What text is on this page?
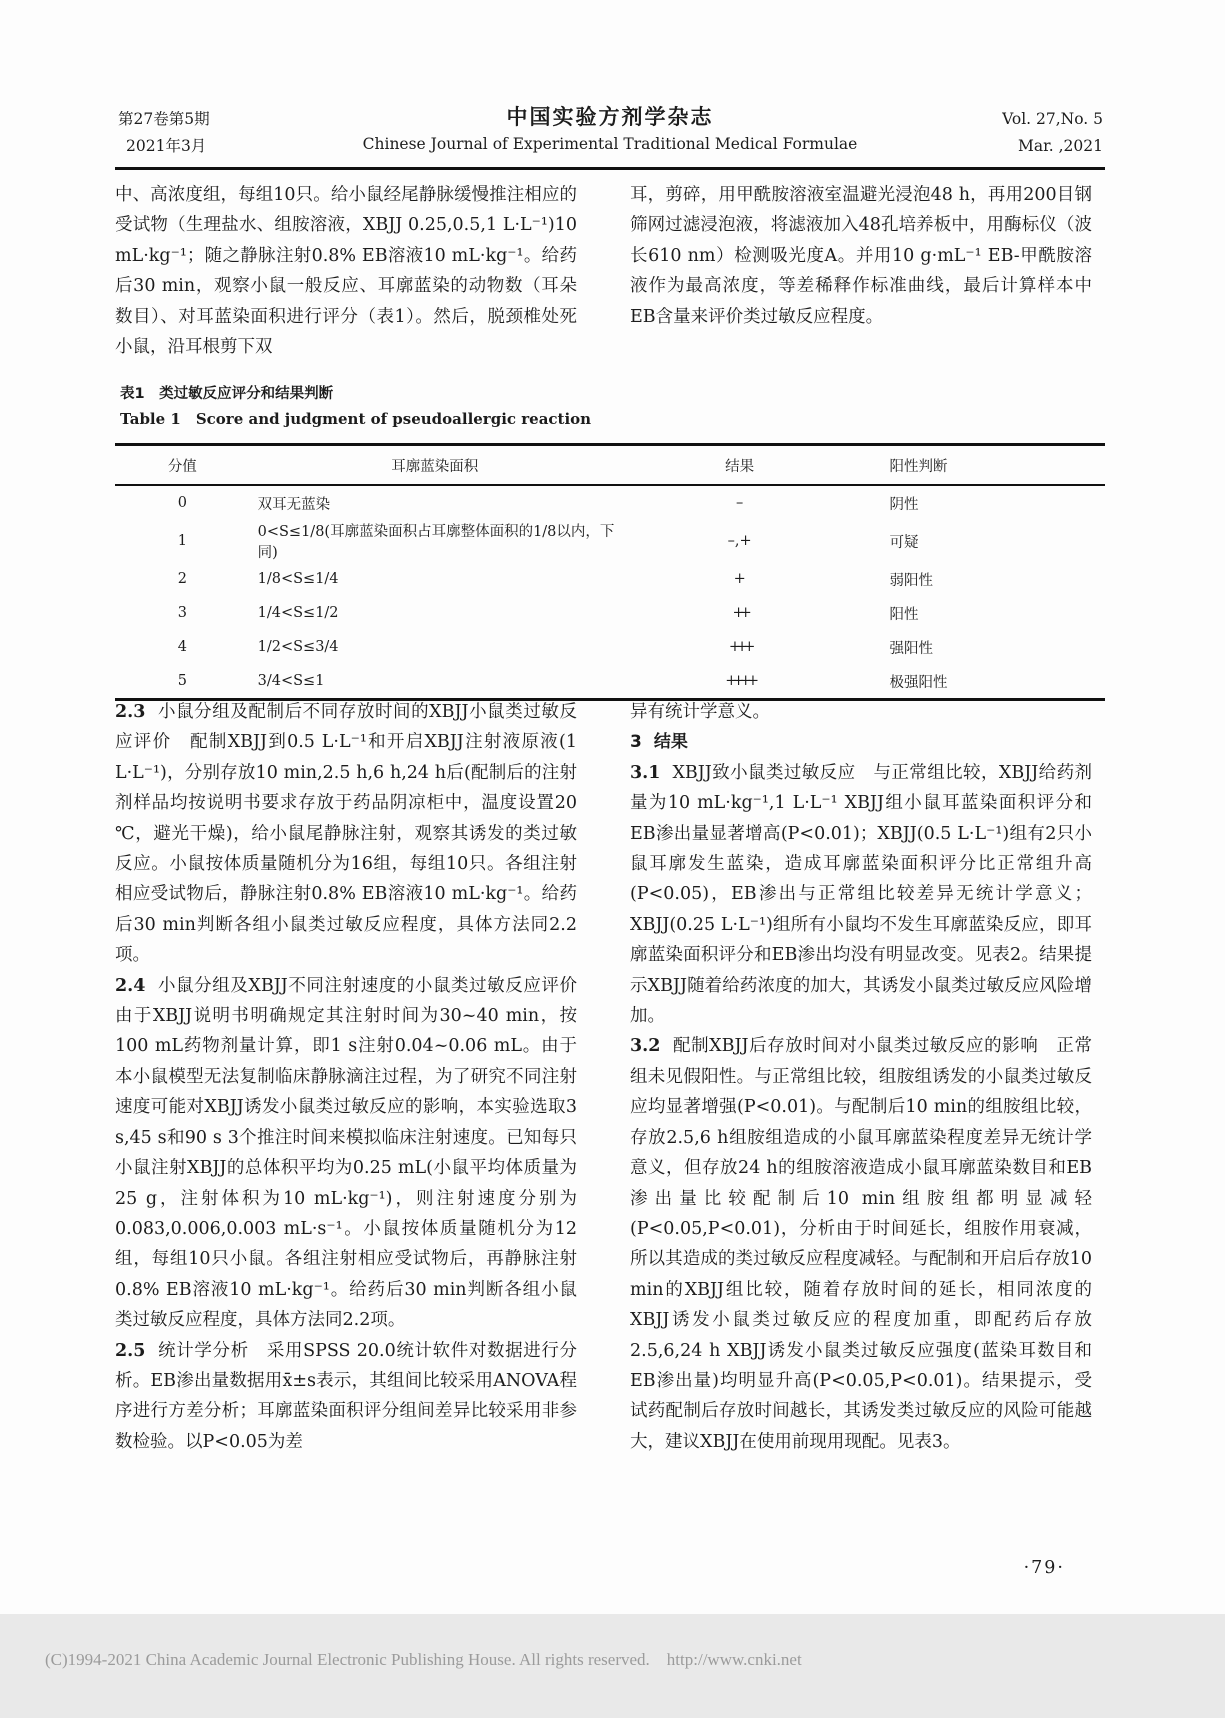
第27卷第5期
2021年3月
中国实验方剂学杂志
Chinese Journal of Experimental Traditional Medical Formulae
Vol. 27,No. 5
Mar. ,2021

中、高浓度组，每组10只。给小鼠经尾静脉缓慢推注相应的受试物（生理盐水、组胺溶液，XBJJ 0.25,0.5,1 L·L⁻¹)10 mL·kg⁻¹；随之静脉注射0.8% EB溶液10 mL·kg⁻¹。给药后30 min，观察小鼠一般反应、耳廓蓝染的动物数（耳朵数目）、对耳蓝染面积进行评分（表1）。然后，脱颈椎处死小鼠，沿耳根剪下双

耳，剪碎，用甲酰胺溶液室温避光浸泡48 h，再用200目钢筛网过滤浸泡液，将滤液加入48孔培养板中，用酶标仪（波长610 nm）检测吸光度A。并用10 g·mL⁻¹ EB-甲酰胺溶液作为最高浓度，等差稀释作标准曲线，最后计算样本中EB含量来评价类过敏反应程度。

表1　类过敏反应评分和结果判断
Table 1　Score and judgment of pseudoallergic reaction
分值	耳廓蓝染面积	结果	阳性判断
0	双耳无蓝染	–	阴性
1	0<S≤1/8(耳廓蓝染面积占耳廓整体面积的1/8以内，下同)	–,+	可疑
2	1/8<S≤1/4	+	弱阳性
3	1/4<S≤1/2	++	阳性
4	1/2<S≤3/4	+++	强阳性
5	3/4<S≤1	++++	极强阳性

2.3 小鼠分组及配制后不同存放时间的XBJJ小鼠类过敏反应评价　配制XBJJ到0.5 L·L⁻¹和开启XBJJ注射液原液(1 L·L⁻¹)，分别存放10 min,2.5 h,6 h,24 h后(配制后的注射剂样品均按说明书要求存放于药品阴凉柜中，温度设置20 ℃，避光干燥)，给小鼠尾静脉注射，观察其诱发的类过敏反应。小鼠按体质量随机分为16组，每组10只。各组注射相应受试物后，静脉注射0.8% EB溶液10 mL·kg⁻¹。给药后30 min判断各组小鼠类过敏反应程度，具体方法同2.2项。

2.4 小鼠分组及XBJJ不同注射速度的小鼠类过敏反应评价　由于XBJJ说明书明确规定其注射时间为30~40 min，按100 mL药物剂量计算，即1 s注射0.04~0.06 mL。由于本小鼠模型无法复制临床静脉滴注过程，为了研究不同注射速度可能对XBJJ诱发小鼠类过敏反应的影响，本实验选取3 s,45 s和90 s 3个推注时间来模拟临床注射速度。已知每只小鼠注射XBJJ的总体积平均为0.25 mL(小鼠平均体质量为25 g，注射体积为10 mL·kg⁻¹)，则注射速度分别为0.083,0.006,0.003 mL·s⁻¹。小鼠按体质量随机分为12组，每组10只小鼠。各组注射相应受试物后，再静脉注射0.8% EB溶液10 mL·kg⁻¹。给药后30 min判断各组小鼠类过敏反应程度，具体方法同2.2项。

2.5 统计学分析　采用SPSS 20.0统计软件对数据进行分析。EB渗出量数据用x̄±s表示，其组间比较采用ANOVA程序进行方差分析；耳廓蓝染面积评分组间差异比较采用非参数检验。以P<0.05为差

异有统计学意义。

3 结果

3.1 XBJJ致小鼠类过敏反应　与正常组比较，XBJJ给药剂量为10 mL·kg⁻¹,1 L·L⁻¹ XBJJ组小鼠耳蓝染面积评分和EB渗出量显著增高(P<0.01)；XBJJ(0.5 L·L⁻¹)组有2只小鼠耳廓发生蓝染，造成耳廓蓝染面积评分比正常组升高(P<0.05)，EB渗出与正常组比较差异无统计学意义；XBJJ(0.25 L·L⁻¹)组所有小鼠均不发生耳廓蓝染反应，即耳廓蓝染面积评分和EB渗出均没有明显改变。见表2。结果提示XBJJ随着给药浓度的加大，其诱发小鼠类过敏反应风险增加。

3.2 配制XBJJ后存放时间对小鼠类过敏反应的影响　正常组未见假阳性。与正常组比较，组胺组诱发的小鼠类过敏反应均显著增强(P<0.01)。与配制后10 min的组胺组比较，存放2.5,6 h组胺组造成的小鼠耳廓蓝染程度差异无统计学意义，但存放24 h的组胺溶液造成小鼠耳廓蓝染数目和EB渗出量比较配制后10 min组胺组都明显减轻(P<0.05,P<0.01)，分析由于时间延长，组胺作用衰减，所以其造成的类过敏反应程度减轻。与配制和开启后存放10 min的XBJJ组比较，随着存放时间的延长，相同浓度的XBJJ诱发小鼠类过敏反应的程度加重，即配药后存放2.5,6,24 h XBJJ诱发小鼠类过敏反应强度(蓝染耳数目和EB渗出量)均明显升高(P<0.05,P<0.01)。结果提示，受试药配制后存放时间越长，其诱发类过敏反应的风险可能越大，建议XBJJ在使用前现用现配。见表3。

·79·
(C)1994-2021 China Academic Journal Electronic Publishing House. All rights reserved.    http://www.cnki.net
